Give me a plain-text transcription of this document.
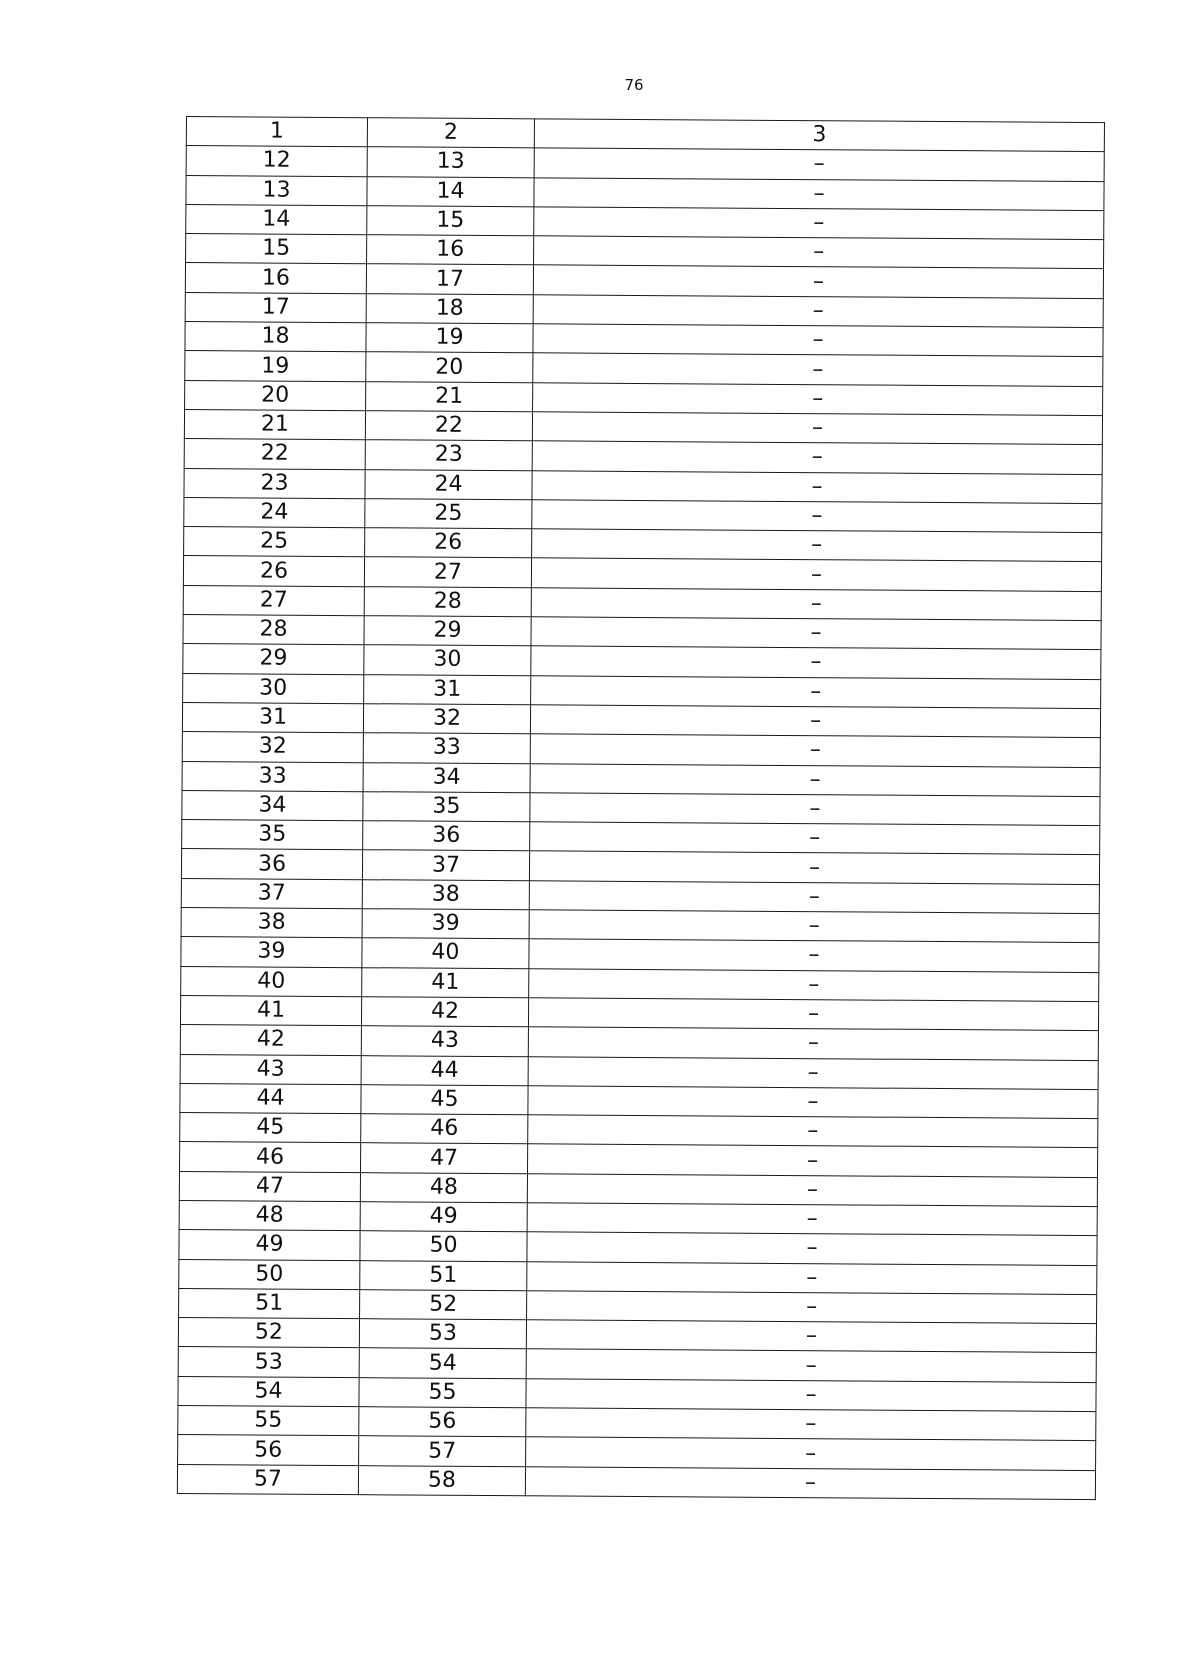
76
1	2	3
12	13	–
13	14	–
14	15	–
15	16	–
16	17	–
17	18	–
18	19	–
19	20	–
20	21	–
21	22	–
22	23	–
23	24	–
24	25	–
25	26	–
26	27	–
27	28	–
28	29	–
29	30	–
30	31	–
31	32	–
32	33	–
33	34	–
34	35	–
35	36	–
36	37	–
37	38	–
38	39	–
39	40	–
40	41	–
41	42	–
42	43	–
43	44	–
44	45	–
45	46	–
46	47	–
47	48	–
48	49	–
49	50	–
50	51	–
51	52	–
52	53	–
53	54	–
54	55	–
55	56	–
56	57	–
57	58	–
